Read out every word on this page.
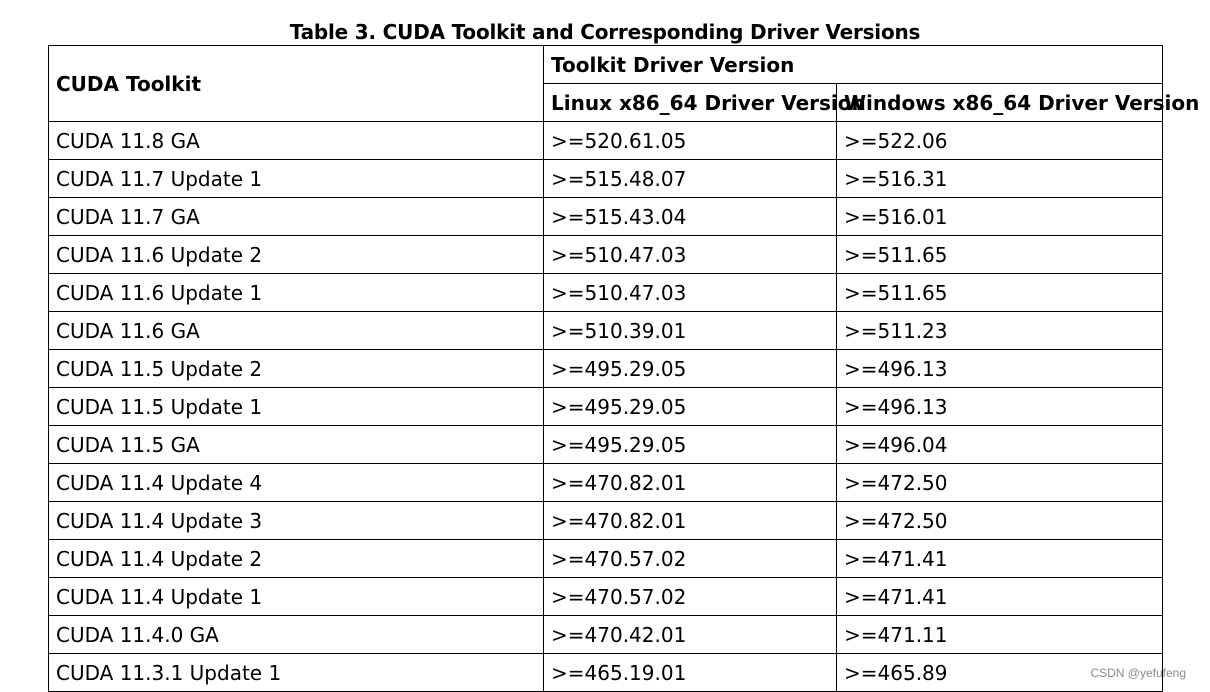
Table 3. CUDA Toolkit and Corresponding Driver Versions
CUDA Toolkit	Toolkit Driver Version	
	Linux x86_64 Driver Version	Windows x86_64 Driver Version
CUDA 11.8 GA	>=520.61.05	>=522.06
CUDA 11.7 Update 1	>=515.48.07	>=516.31
CUDA 11.7 GA	>=515.43.04	>=516.01
CUDA 11.6 Update 2	>=510.47.03	>=511.65
CUDA 11.6 Update 1	>=510.47.03	>=511.65
CUDA 11.6 GA	>=510.39.01	>=511.23
CUDA 11.5 Update 2	>=495.29.05	>=496.13
CUDA 11.5 Update 1	>=495.29.05	>=496.13
CUDA 11.5 GA	>=495.29.05	>=496.04
CUDA 11.4 Update 4	>=470.82.01	>=472.50
CUDA 11.4 Update 3	>=470.82.01	>=472.50
CUDA 11.4 Update 2	>=470.57.02	>=471.41
CUDA 11.4 Update 1	>=470.57.02	>=471.41
CUDA 11.4.0 GA	>=470.42.01	>=471.11
CUDA 11.3.1 Update 1	>=465.19.01	>=465.89	CSDN @yefufeng
